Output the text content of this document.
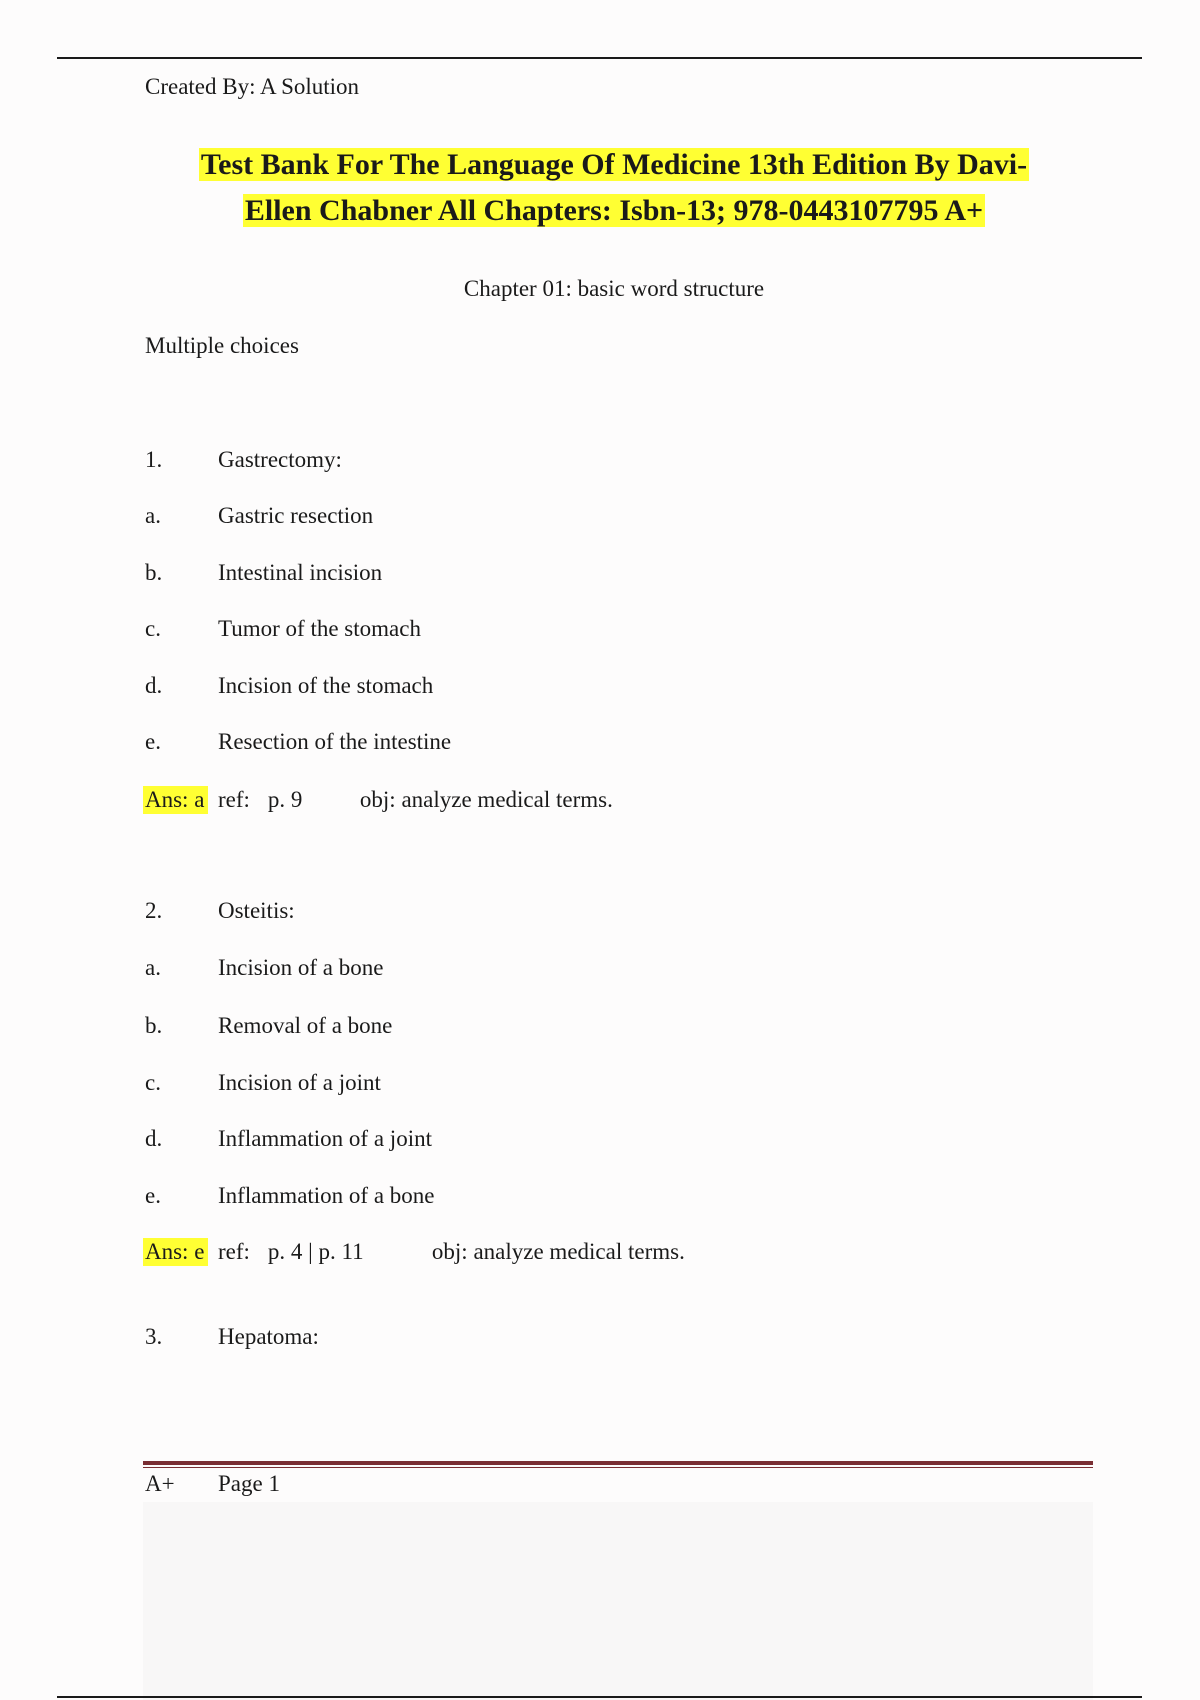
Created By: A Solution
Test Bank For The Language Of Medicine 13th Edition By Davi-
Ellen Chabner All Chapters: Isbn-13; 978-0443107795 A+
Chapter 01: basic word structure
Multiple choices
1. Gastrectomy:
a. Gastric resection
b. Intestinal incision
c. Tumor of the stomach
d. Incision of the stomach
e. Resection of the intestine
Ans: a ref: p. 9	obj: analyze medical terms.
2. Osteitis:
a. Incision of a bone
b. Removal of a bone
c. Incision of a joint
d. Inflammation of a joint
e. Inflammation of a bone
Ans: e ref: p. 4 | p. 11	obj: analyze medical terms.
3. Hepatoma:
A+ Page 1
